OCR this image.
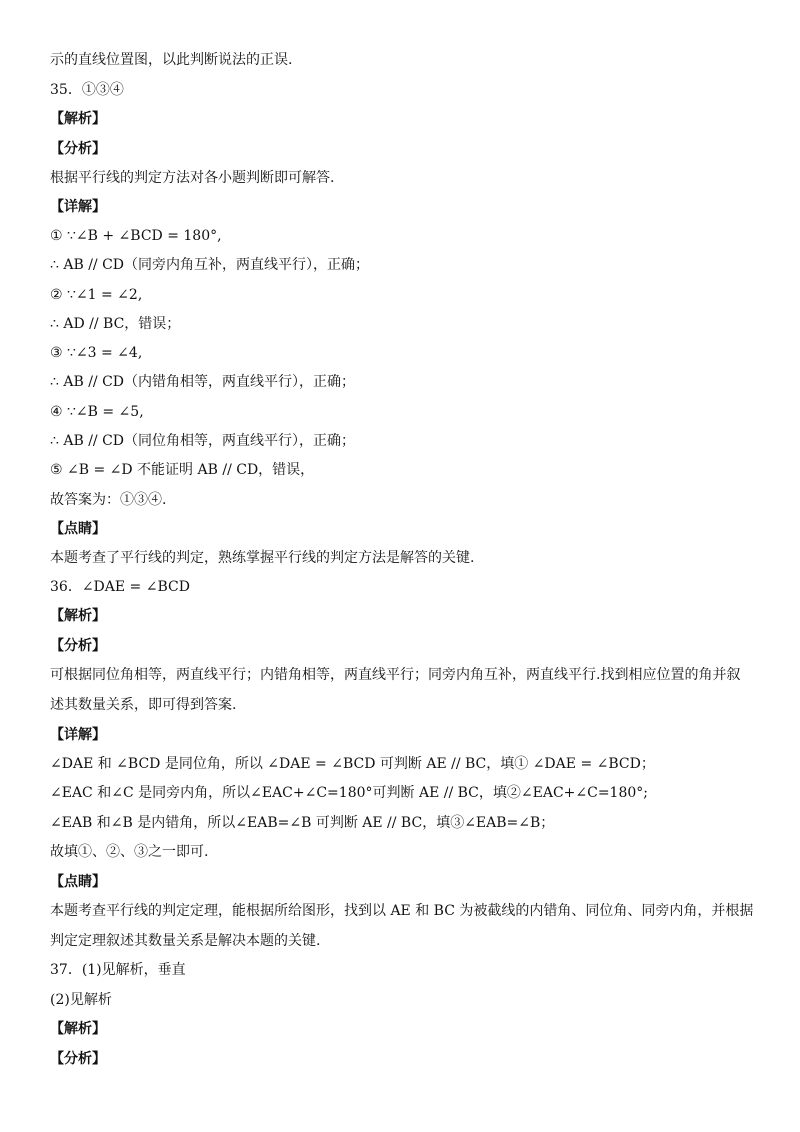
示的直线位置图，以此判断说法的正误.
35．①③④
【解析】
【分析】
根据平行线的判定方法对各小题判断即可解答.
【详解】
① ∵∠B + ∠BCD = 180°,
∴ AB // CD（同旁内角互补，两直线平行），正确；
② ∵∠1 = ∠2,
∴ AD // BC，错误；
③ ∵∠3 = ∠4,
∴ AB // CD（内错角相等，两直线平行），正确；
④ ∵∠B = ∠5,
∴ AB // CD（同位角相等，两直线平行），正确；
⑤ ∠B = ∠D 不能证明 AB // CD，错误，
故答案为：①③④.
【点睛】
本题考查了平行线的判定，熟练掌握平行线的判定方法是解答的关键.
36．∠DAE = ∠BCD
【解析】
【分析】
可根据同位角相等，两直线平行；内错角相等，两直线平行；同旁内角互补，两直线平行.找到相应位置的角并叙
述其数量关系，即可得到答案.
【详解】
∠DAE 和 ∠BCD 是同位角，所以 ∠DAE = ∠BCD 可判断 AE // BC，填① ∠DAE = ∠BCD；
∠EAC 和∠C 是同旁内角，所以∠EAC+∠C=180°可判断 AE // BC，填②∠EAC+∠C=180°;
∠EAB 和∠B 是内错角，所以∠EAB=∠B 可判断 AE // BC，填③∠EAB=∠B；
故填①、②、③之一即可.
【点睛】
本题考查平行线的判定定理，能根据所给图形，找到以 AE 和 BC 为被截线的内错角、同位角、同旁内角，并根据
判定定理叙述其数量关系是解决本题的关键.
37．(1)见解析，垂直
(2)见解析
【解析】
【分析】
